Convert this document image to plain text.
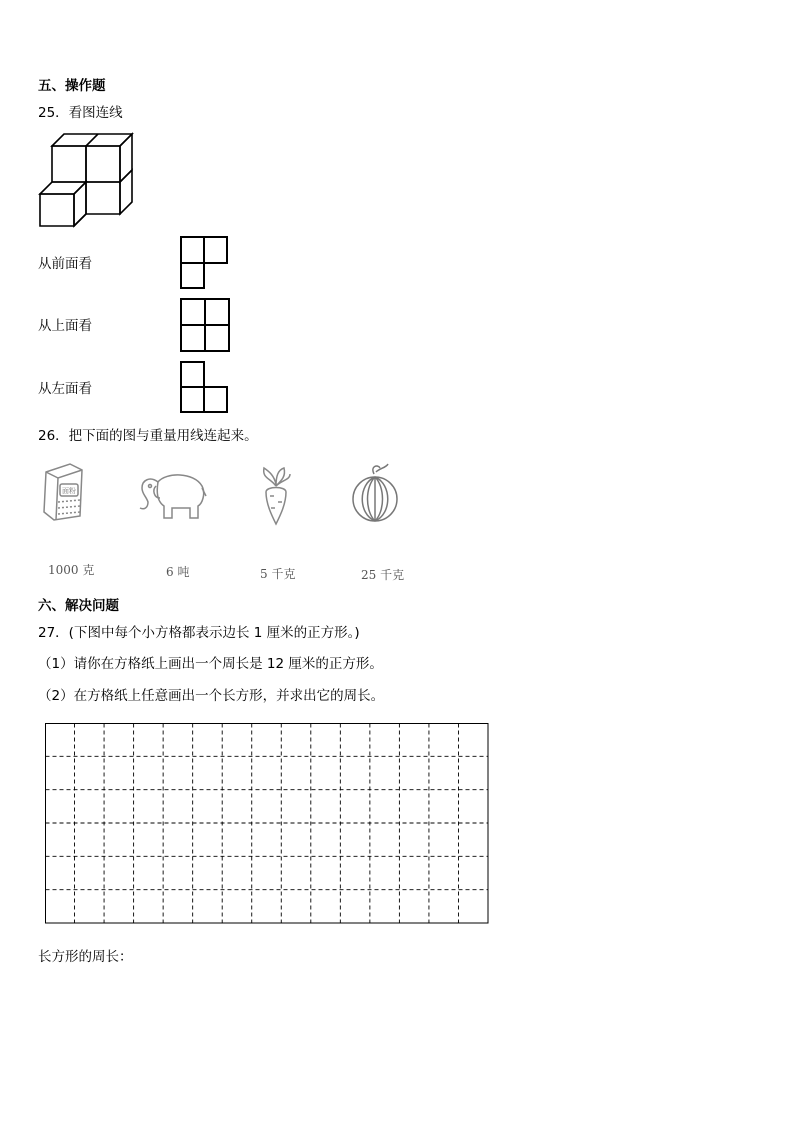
五、操作题
25．看图连线
从前面看
从上面看
从左面看
26．把下面的图与重量用线连起来。
面粉
1000 克	6 吨	5 千克	25 千克
六、解决问题
27．(下图中每个小方格都表示边长 1 厘米的正方形。)
（1）请你在方格纸上画出一个周长是 12 厘米的正方形。
（2）在方格纸上任意画出一个长方形，并求出它的周长。
长方形的周长：
